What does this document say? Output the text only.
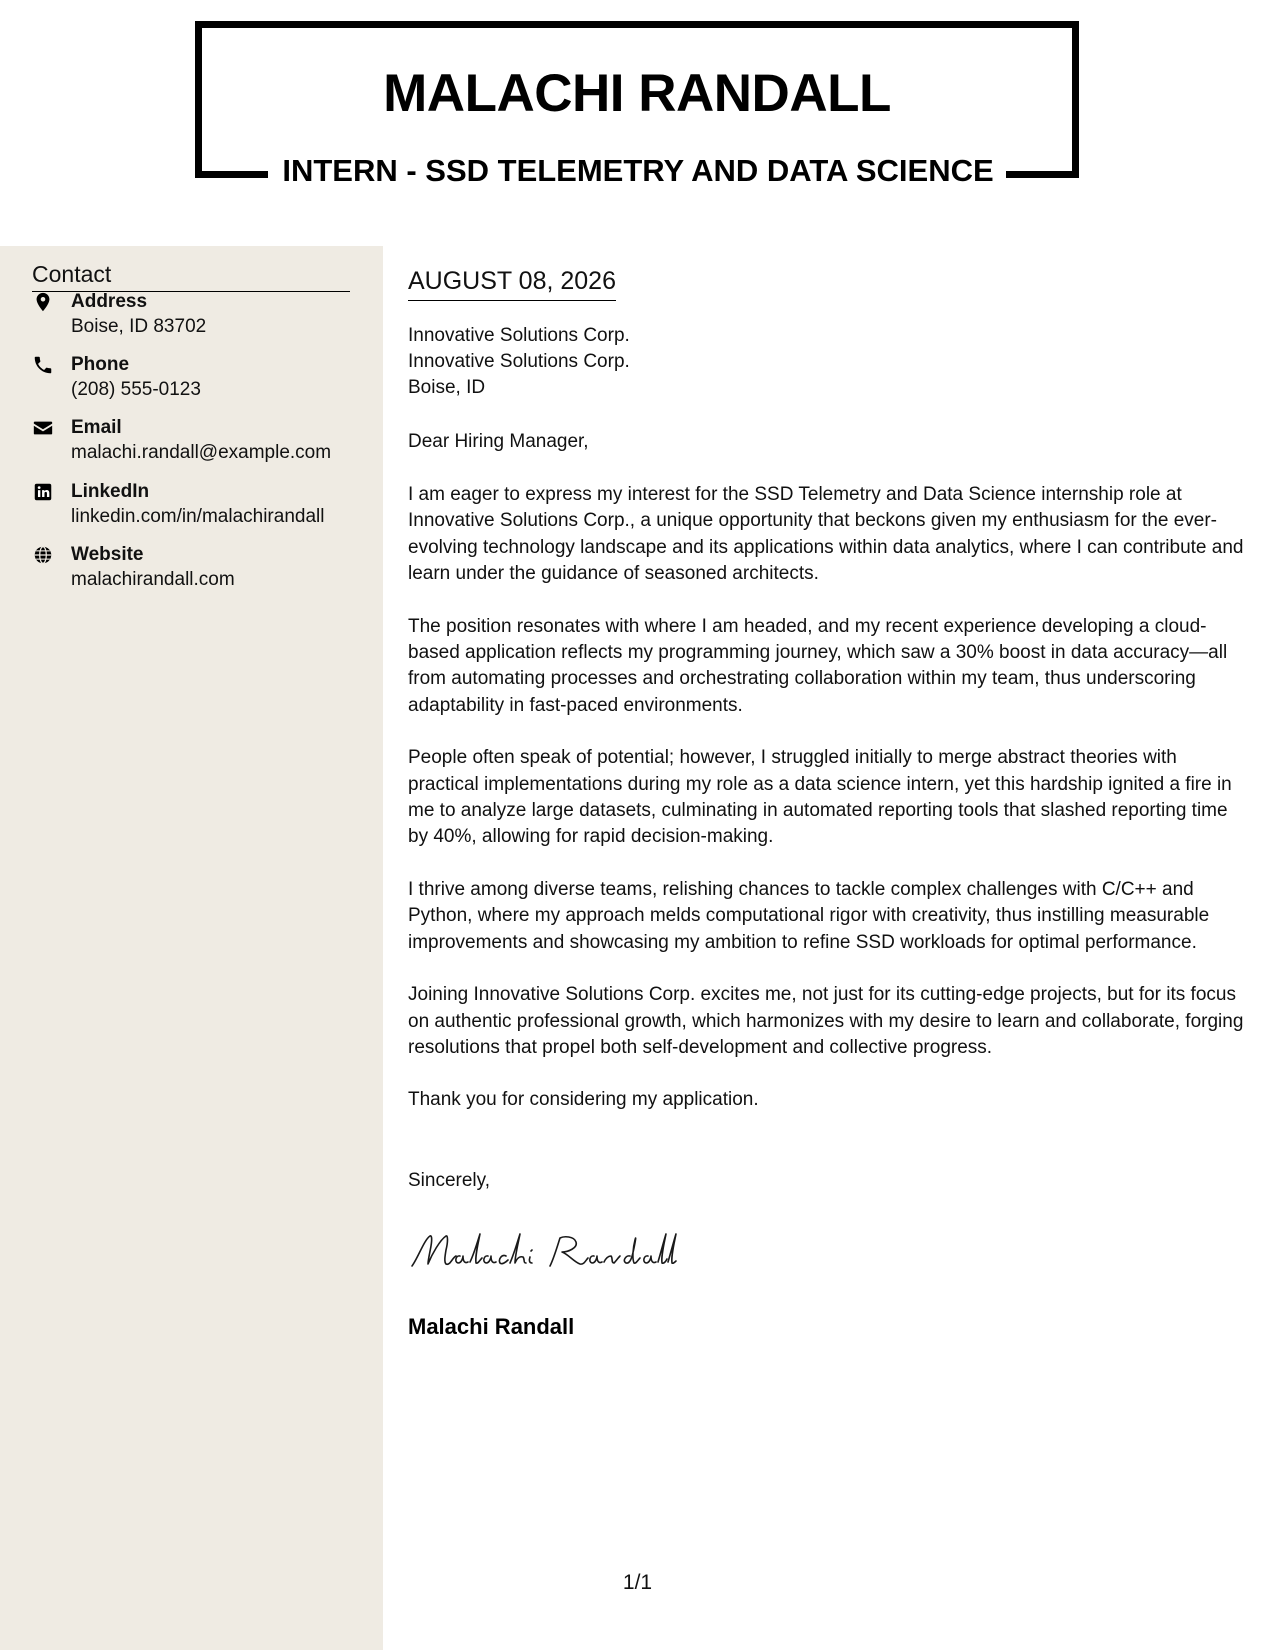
MALACHI RANDALL
INTERN - SSD TELEMETRY AND DATA SCIENCE
Contact
Address
Boise, ID 83702
Phone
(208) 555-0123
Email
malachi.randall@example.com
LinkedIn
linkedin.com/in/malachirandall
Website
malachirandall.com
AUGUST 08, 2026
Innovative Solutions Corp.
Innovative Solutions Corp.
Boise, ID
Dear Hiring Manager,

I am eager to express my interest for the SSD Telemetry and Data Science internship role at Innovative Solutions Corp., a unique opportunity that beckons given my enthusiasm for the ever-evolving technology landscape and its applications within data analytics, where I can contribute and learn under the guidance of seasoned architects.

The position resonates with where I am headed, and my recent experience developing a cloud-based application reflects my programming journey, which saw a 30% boost in data accuracy—all from automating processes and orchestrating collaboration within my team, thus underscoring adaptability in fast-paced environments.

People often speak of potential; however, I struggled initially to merge abstract theories with practical implementations during my role as a data science intern, yet this hardship ignited a fire in me to analyze large datasets, culminating in automated reporting tools that slashed reporting time by 40%, allowing for rapid decision-making.

I thrive among diverse teams, relishing chances to tackle complex challenges with C/C++ and Python, where my approach melds computational rigor with creativity, thus instilling measurable improvements and showcasing my ambition to refine SSD workloads for optimal performance.

Joining Innovative Solutions Corp. excites me, not just for its cutting-edge projects, but for its focus on authentic professional growth, which harmonizes with my desire to learn and collaborate, forging resolutions that propel both self-development and collective progress.

Thank you for considering my application.

Sincerely,
Malachi Randall
1/1
